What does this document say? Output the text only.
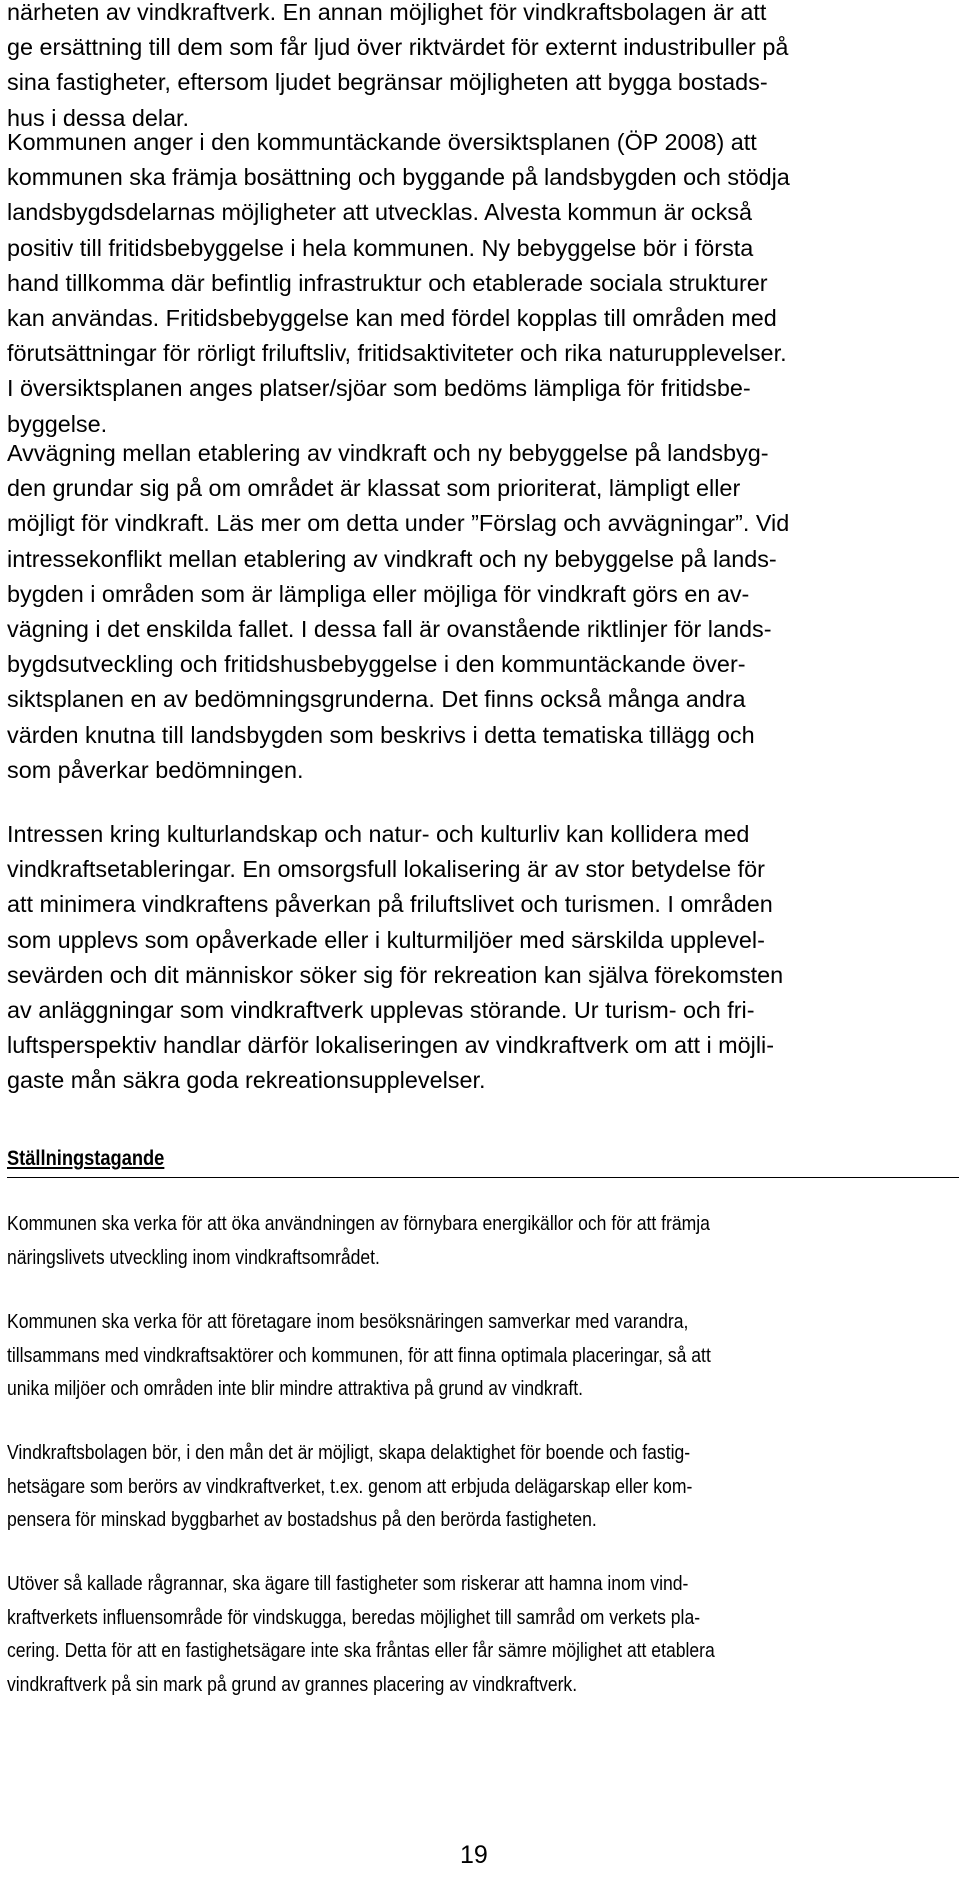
närheten av vindkraftverk. En annan möjlighet för vindkraftsbolagen är att
ge ersättning till dem som får ljud över riktvärdet för externt industribuller på
sina fastigheter, eftersom ljudet begränsar möjligheten att bygga bostads-
hus i dessa delar.

Kommunen anger i den kommuntäckande översiktsplanen (ÖP 2008) att
kommunen ska främja bosättning och byggande på landsbygden och stödja
landsbygdsdelarnas möjligheter att utvecklas. Alvesta kommun är också
positiv till fritidsbebyggelse i hela kommunen. Ny bebyggelse bör i första
hand tillkomma där befintlig infrastruktur och etablerade sociala strukturer
kan användas. Fritidsbebyggelse kan med fördel kopplas till områden med
förutsättningar för rörligt friluftsliv, fritidsaktiviteter och rika naturupplevelser.
I översiktsplanen anges platser/sjöar som bedöms lämpliga för fritidsbe-
byggelse.

Avvägning mellan etablering av vindkraft och ny bebyggelse på landsbyg-
den grundar sig på om området är klassat som prioriterat, lämpligt eller
möjligt för vindkraft. Läs mer om detta under ”Förslag och avvägningar”. Vid
intressekonflikt mellan etablering av vindkraft och ny bebyggelse på lands-
bygden i områden som är lämpliga eller möjliga för vindkraft görs en av-
vägning i det enskilda fallet. I dessa fall är ovanstående riktlinjer för lands-
bygdsutveckling och fritidshusbebyggelse i den kommuntäckande över-
siktsplanen en av bedömningsgrunderna. Det finns också många andra
värden knutna till landsbygden som beskrivs i detta tematiska tillägg och
som påverkar bedömningen.

Intressen kring kulturlandskap och natur- och kulturliv kan kollidera med
vindkraftsetableringar. En omsorgsfull lokalisering är av stor betydelse för
att minimera vindkraftens påverkan på friluftslivet och turismen. I områden
som upplevs som opåverkade eller i kulturmiljöer med särskilda upplevel-
sevärden och dit människor söker sig för rekreation kan själva förekomsten
av anläggningar som vindkraftverk upplevas störande. Ur turism- och fri-
luftsperspektiv handlar därför lokaliseringen av vindkraftverk om att i möjli-
gaste mån säkra goda rekreationsupplevelser.

Ställningstagande

Kommunen ska verka för att öka användningen av förnybara energikällor och för att främja
näringslivets utveckling inom vindkraftsområdet.

Kommunen ska verka för att företagare inom besöksnäringen samverkar med varandra,
tillsammans med vindkraftsaktörer och kommunen, för att finna optimala placeringar, så att
unika miljöer och områden inte blir mindre attraktiva på grund av vindkraft.

Vindkraftsbolagen bör, i den mån det är möjligt, skapa delaktighet för boende och fastig-
hetsägare som berörs av vindkraftverket, t.ex. genom att erbjuda delägarskap eller kom-
pensera för minskad byggbarhet av bostadshus på den berörda fastigheten.

Utöver så kallade rågrannar, ska ägare till fastigheter som riskerar att hamna inom vind-
kraftverkets influensområde för vindskugga, beredas möjlighet till samråd om verkets pla-
cering. Detta för att en fastighetsägare inte ska fråntas eller får sämre möjlighet att etablera
vindkraftverk på sin mark på grund av grannes placering av vindkraftverk.

19
